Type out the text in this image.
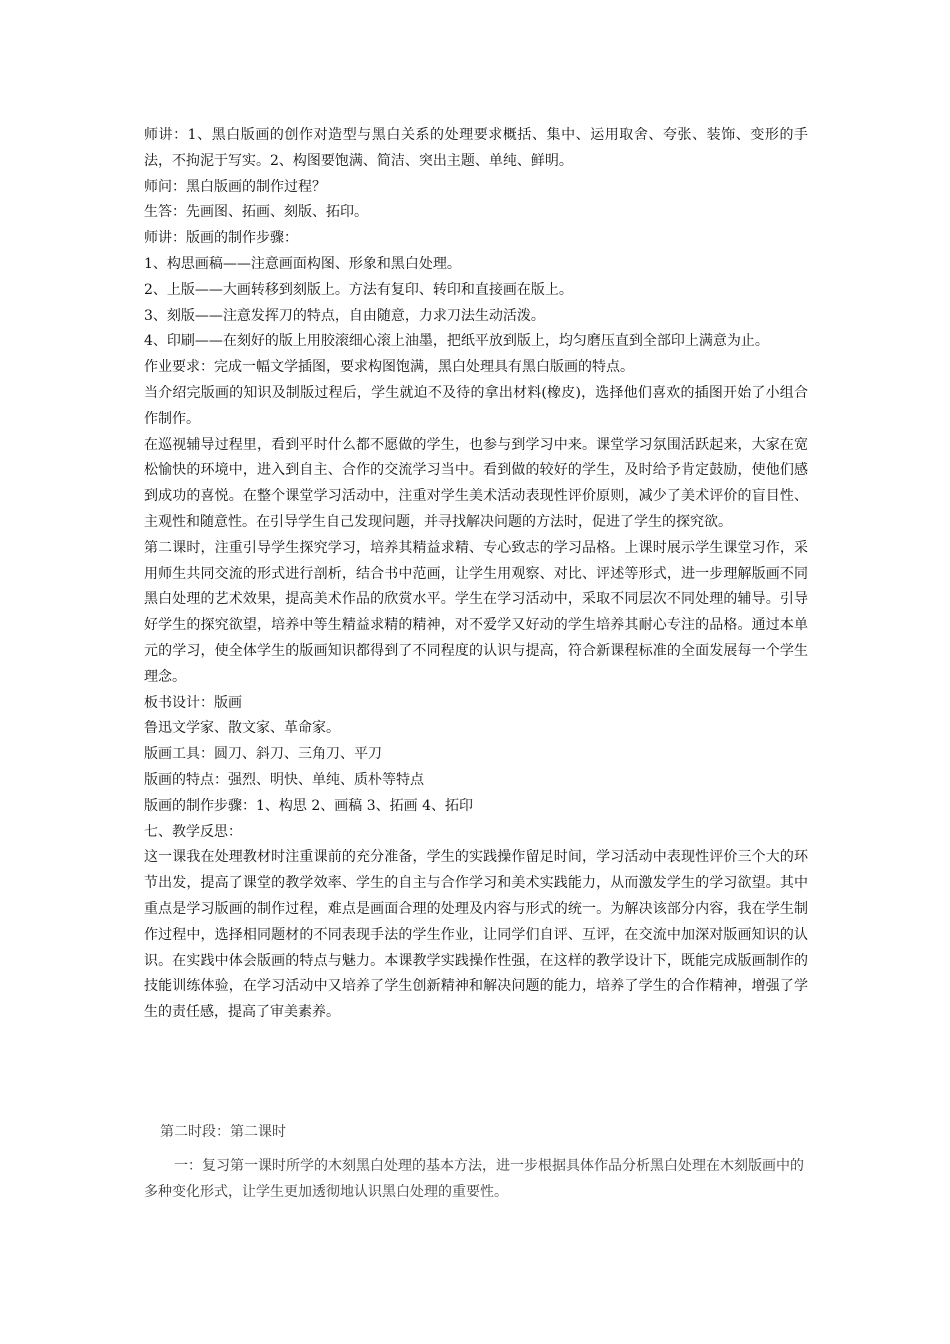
师讲：1、黑白版画的创作对造型与黑白关系的处理要求概括、集中、运用取舍、夸张、装饰、变形的手法，不拘泥于写实。2、构图要饱满、简洁、突出主题、单纯、鲜明。

师问：黑白版画的制作过程？

生答：先画图、拓画、刻版、拓印。

师讲：版画的制作步骤：

1、构思画稿——注意画面构图、形象和黑白处理。

2、上版——大画转移到刻版上。方法有复印、转印和直接画在版上。

3、刻版——注意发挥刀的特点，自由随意，力求刀法生动活泼。

4、印刷——在刻好的版上用胶滚细心滚上油墨，把纸平放到版上，均匀磨压直到全部印上满意为止。

作业要求：完成一幅文学插图，要求构图饱满，黑白处理具有黑白版画的特点。

当介绍完版画的知识及制版过程后，学生就迫不及待的拿出材料(橡皮)，选择他们喜欢的插图开始了小组合作制作。

在巡视辅导过程里，看到平时什么都不愿做的学生，也参与到学习中来。课堂学习氛围活跃起来，大家在宽松愉快的环境中，进入到自主、合作的交流学习当中。看到做的较好的学生，及时给予肯定鼓励，使他们感到成功的喜悦。在整个课堂学习活动中，注重对学生美术活动表现性评价原则，减少了美术评价的盲目性、主观性和随意性。在引导学生自己发现问题，并寻找解决问题的方法时，促进了学生的探究欲。

第二课时，注重引导学生探究学习，培养其精益求精、专心致志的学习品格。上课时展示学生课堂习作，采用师生共同交流的形式进行剖析，结合书中范画，让学生用观察、对比、评述等形式，进一步理解版画不同黑白处理的艺术效果，提高美术作品的欣赏水平。学生在学习活动中，采取不同层次不同处理的辅导。引导好学生的探究欲望，培养中等生精益求精的精神，对不爱学又好动的学生培养其耐心专注的品格。通过本单元的学习，使全体学生的版画知识都得到了不同程度的认识与提高，符合新课程标准的全面发展每一个学生理念。

板书设计：版画

鲁迅文学家、散文家、革命家。

版画工具：圆刀、斜刀、三角刀、平刀

版画的特点：强烈、明快、单纯、质朴等特点

版画的制作步骤：1、构思 2、画稿 3、拓画 4、拓印

七、教学反思：

这一课我在处理教材时注重课前的充分准备，学生的实践操作留足时间，学习活动中表现性评价三个大的环节出发，提高了课堂的教学效率、学生的自主与合作学习和美术实践能力，从而激发学生的学习欲望。其中重点是学习版画的制作过程，难点是画面合理的处理及内容与形式的统一。为解决该部分内容，我在学生制作过程中，选择相同题材的不同表现手法的学生作业，让同学们自评、互评，在交流中加深对版画知识的认识。在实践中体会版画的特点与魅力。本课教学实践操作性强，在这样的教学设计下，既能完成版画制作的技能训练体验，在学习活动中又培养了学生创新精神和解决问题的能力，培养了学生的合作精神，增强了学生的责任感，提高了审美素养。

第二时段：第二课时

一：复习第一课时所学的木刻黑白处理的基本方法，进一步根据具体作品分析黑白处理在木刻版画中的多种变化形式，让学生更加透彻地认识黑白处理的重要性。
